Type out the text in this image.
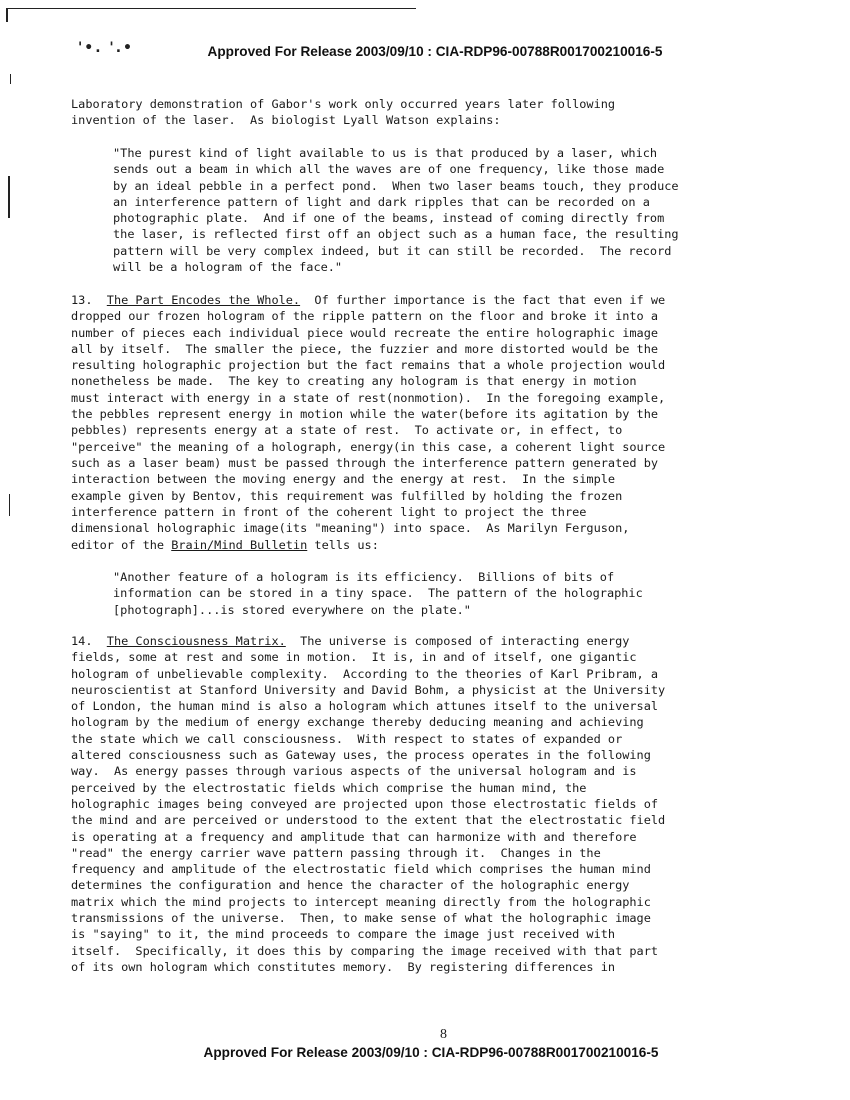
'•. '.•	Approved For Release 2003/09/10 : CIA-RDP96-00788R001700210016-5
Laboratory demonstration of Gabor's work only occurred years later following
invention of the laser.  As biologist Lyall Watson explains:
"The purest kind of light available to us is that produced by a laser, which
sends out a beam in which all the waves are of one frequency, like those made
by an ideal pebble in a perfect pond.  When two laser beams touch, they produce
an interference pattern of light and dark ripples that can be recorded on a
photographic plate.  And if one of the beams, instead of coming directly from
the laser, is reflected first off an object such as a human face, the resulting
pattern will be very complex indeed, but it can still be recorded.  The record
will be a hologram of the face."
13.  The Part Encodes the Whole.  Of further importance is the fact that even if we
dropped our frozen hologram of the ripple pattern on the floor and broke it into a
number of pieces each individual piece would recreate the entire holographic image
all by itself.  The smaller the piece, the fuzzier and more distorted would be the
resulting holographic projection but the fact remains that a whole projection would
nonetheless be made.  The key to creating any hologram is that energy in motion
must interact with energy in a state of rest(nonmotion).  In the foregoing example,
the pebbles represent energy in motion while the water(before its agitation by the
pebbles) represents energy at a state of rest.  To activate or, in effect, to
"perceive" the meaning of a holograph, energy(in this case, a coherent light source
such as a laser beam) must be passed through the interference pattern generated by
interaction between the moving energy and the energy at rest.  In the simple
example given by Bentov, this requirement was fulfilled by holding the frozen
interference pattern in front of the coherent light to project the three
dimensional holographic image(its "meaning") into space.  As Marilyn Ferguson,
editor of the Brain/Mind Bulletin tells us:
"Another feature of a hologram is its efficiency.  Billions of bits of
information can be stored in a tiny space.  The pattern of the holographic
[photograph]...is stored everywhere on the plate."
14.  The Consciousness Matrix.  The universe is composed of interacting energy
fields, some at rest and some in motion.  It is, in and of itself, one gigantic
hologram of unbelievable complexity.  According to the theories of Karl Pribram, a
neuroscientist at Stanford University and David Bohm, a physicist at the University
of London, the human mind is also a hologram which attunes itself to the universal
hologram by the medium of energy exchange thereby deducing meaning and achieving
the state which we call consciousness.  With respect to states of expanded or
altered consciousness such as Gateway uses, the process operates in the following
way.  As energy passes through various aspects of the universal hologram and is
perceived by the electrostatic fields which comprise the human mind, the
holographic images being conveyed are projected upon those electrostatic fields of
the mind and are perceived or understood to the extent that the electrostatic field
is operating at a frequency and amplitude that can harmonize with and therefore
"read" the energy carrier wave pattern passing through it.  Changes in the
frequency and amplitude of the electrostatic field which comprises the human mind
determines the configuration and hence the character of the holographic energy
matrix which the mind projects to intercept meaning directly from the holographic
transmissions of the universe.  Then, to make sense of what the holographic image
is "saying" to it, the mind proceeds to compare the image just received with
itself.  Specifically, it does this by comparing the image received with that part
of its own hologram which constitutes memory.  By registering differences in
8
Approved For Release 2003/09/10 : CIA-RDP96-00788R001700210016-5
